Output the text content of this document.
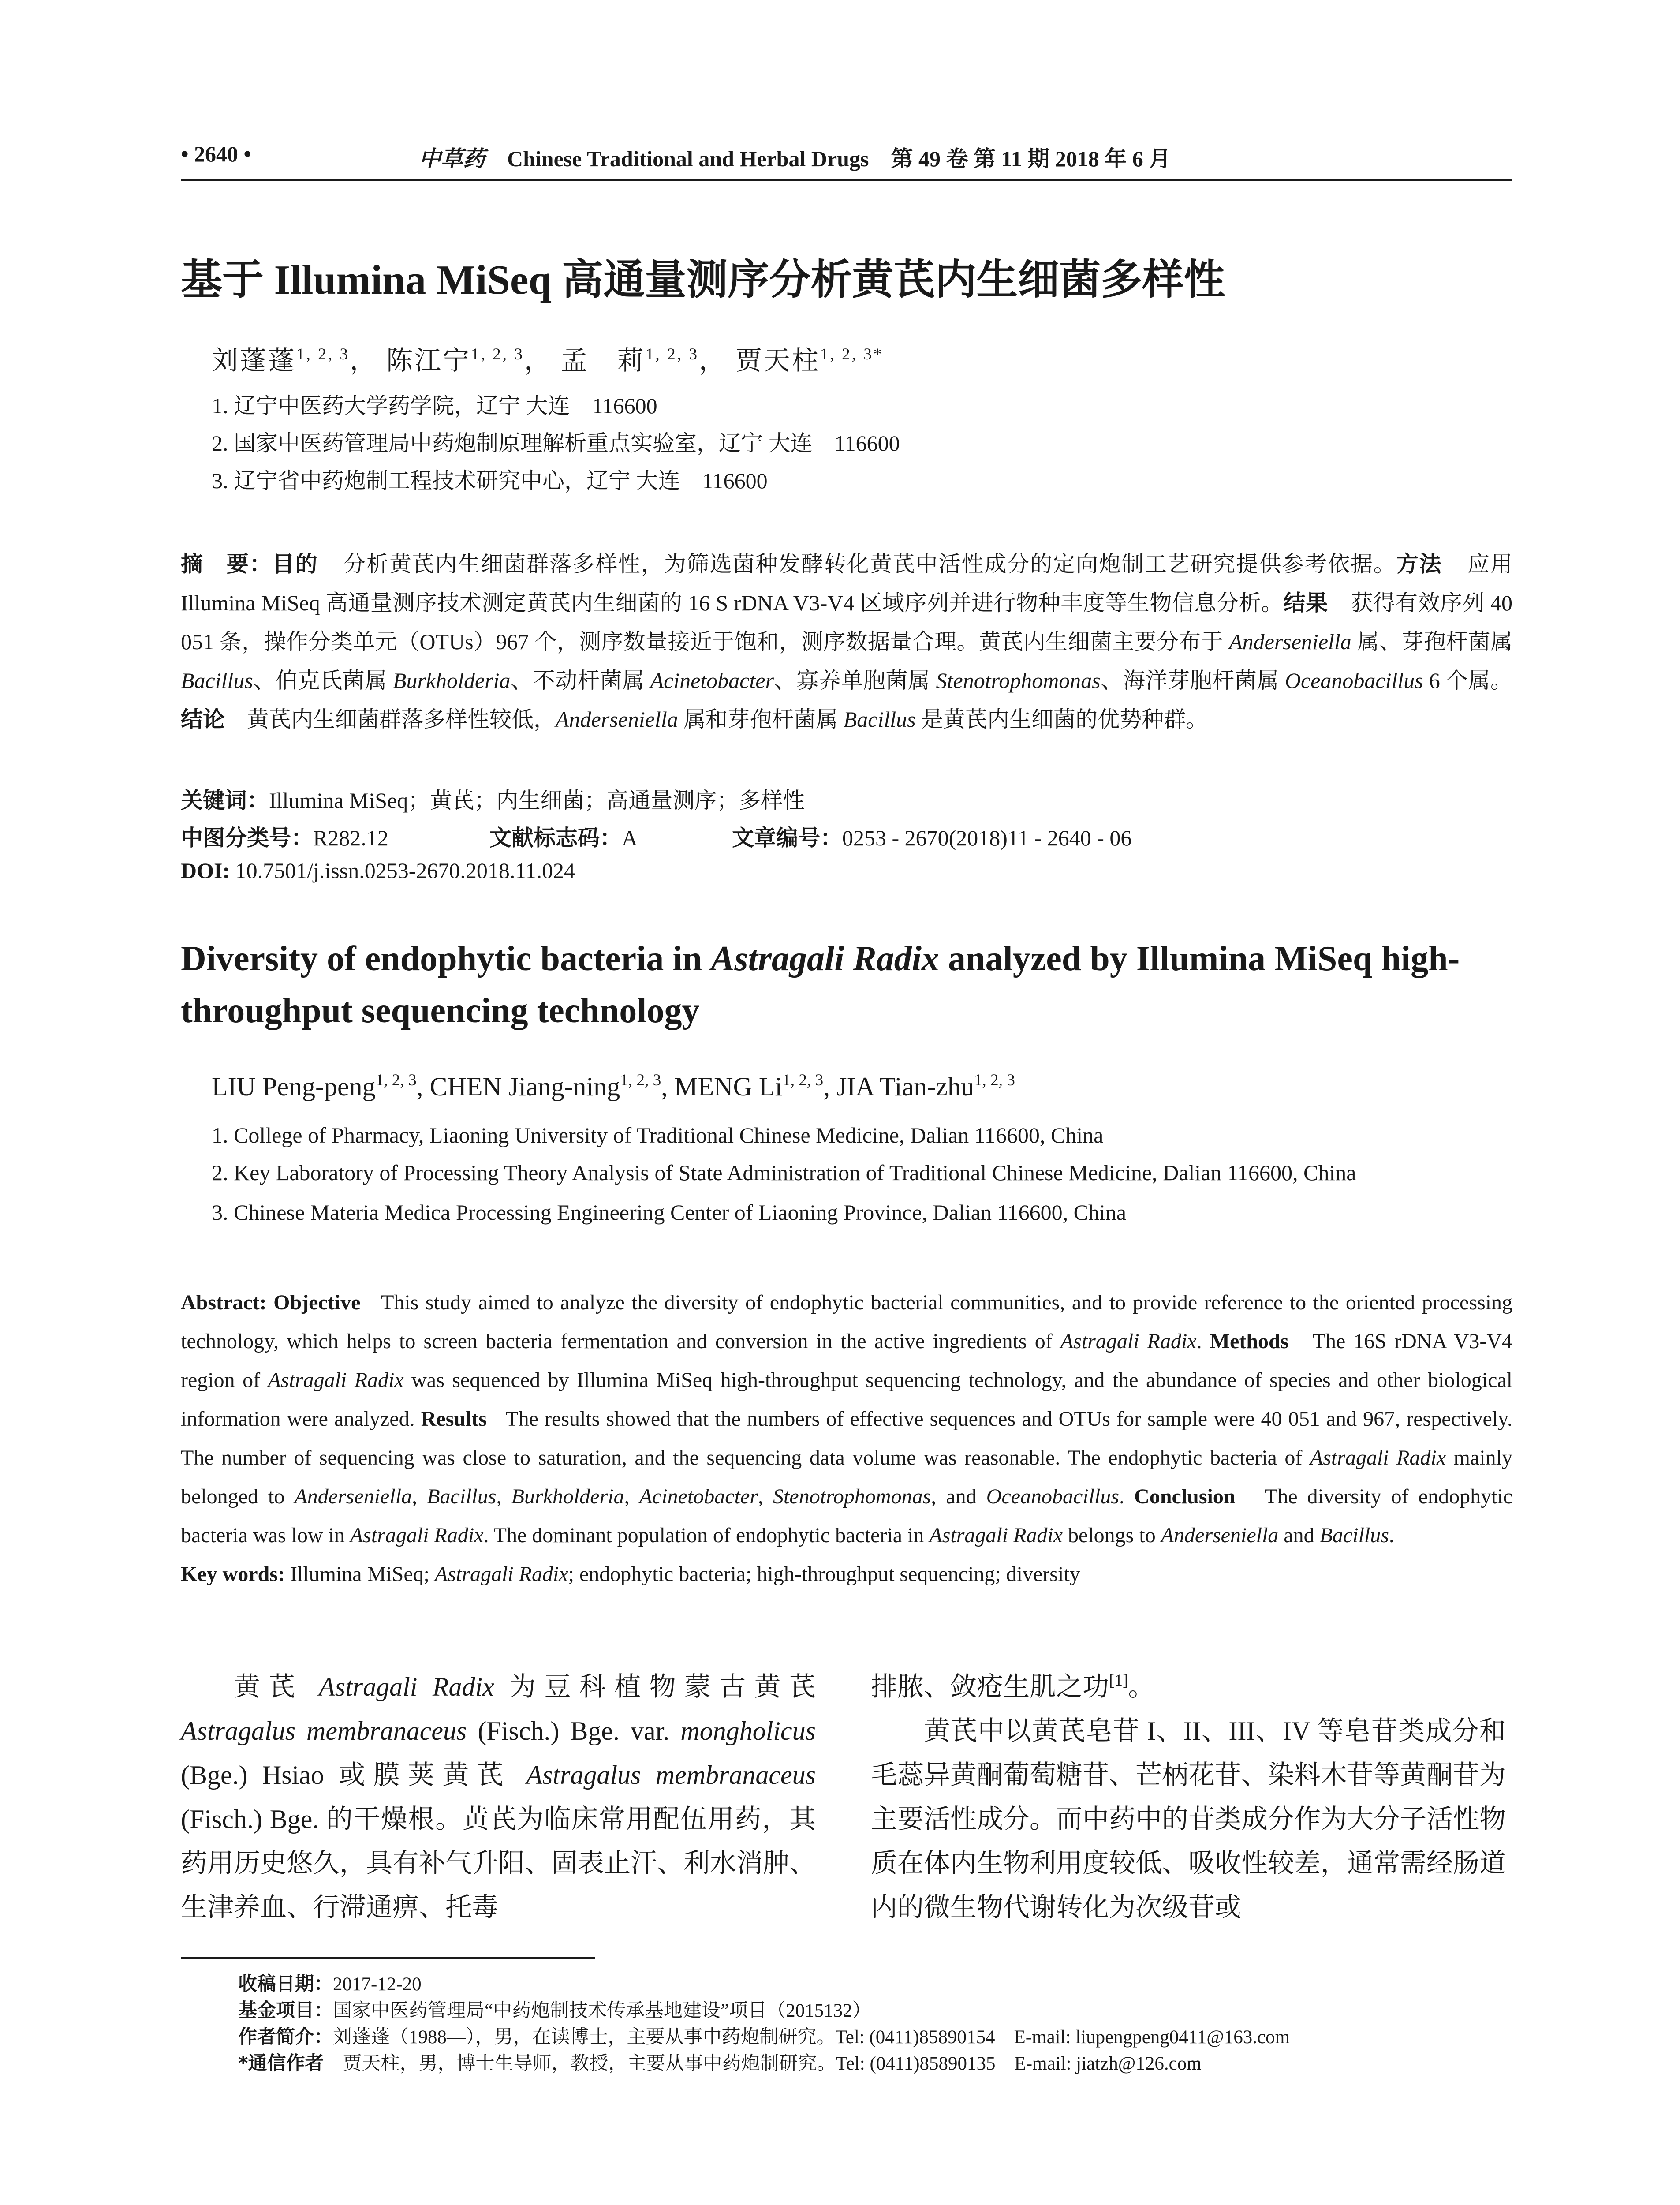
• 2640 •	中草药 Chinese Traditional and Herbal Drugs 第 49 卷 第 11 期 2018 年 6 月
基于 Illumina MiSeq 高通量测序分析黄芪内生细菌多样性
刘蓬蓬$^{1, 2, 3}$， 陈江宁$^{1, 2, 3}$， 孟　莉$^{1, 2, 3}$， 贾天柱$^{1, 2, 3*}$
1. 辽宁中医药大学药学院，辽宁 大连　116600
2. 国家中医药管理局中药炮制原理解析重点实验室，辽宁 大连　116600
3. 辽宁省中药炮制工程技术研究中心，辽宁 大连　116600
摘　要：目的 分析黄芪内生细菌群落多样性，为筛选菌种发酵转化黄芪中活性成分的定向炮制工艺研究提供参考依据。方法 应用 Illumina MiSeq 高通量测序技术测定黄芪内生细菌的 16 S rDNA V3-V4 区域序列并进行物种丰度等生物信息分析。结果 获得有效序列 40 051 条，操作分类单元（OTUs）967 个，测序数量接近于饱和，测序数据量合理。黄芪内生细菌主要分布于 Anderseniella 属、芽孢杆菌属 Bacillus、伯克氏菌属 Burkholderia、不动杆菌属 Acinetobacter、寡养单胞菌属 Stenotrophomonas、海洋芽胞杆菌属 Oceanobacillus 6 个属。结论 黄芪内生细菌群落多样性较低，Anderseniella 属和芽孢杆菌属 Bacillus 是黄芪内生细菌的优势种群。
关键词：Illumina MiSeq；黄芪；内生细菌；高通量测序；多样性
中图分类号：R282.12	文献标志码：A	文章编号：0253 - 2670(2018)11 - 2640 - 06
DOI: 10.7501/j.issn.0253-2670.2018.11.024
Diversity of endophytic bacteria in Astragali Radix analyzed by Illumina MiSeq high-throughput sequencing technology
LIU Peng-peng$^{1, 2, 3}$, CHEN Jiang-ning$^{1, 2, 3}$, MENG Li$^{1, 2, 3}$, JIA Tian-zhu$^{1, 2, 3}$
1. College of Pharmacy, Liaoning University of Traditional Chinese Medicine, Dalian 116600, China
2. Key Laboratory of Processing Theory Analysis of State Administration of Traditional Chinese Medicine, Dalian 116600, China
3. Chinese Materia Medica Processing Engineering Center of Liaoning Province, Dalian 116600, China
Abstract: Objective This study aimed to analyze the diversity of endophytic bacterial communities, and to provide reference to the oriented processing technology, which helps to screen bacteria fermentation and conversion in the active ingredients of Astragali Radix. Methods The 16S rDNA V3-V4 region of Astragali Radix was sequenced by Illumina MiSeq high-throughput sequencing technology, and the abundance of species and other biological information were analyzed. Results The results showed that the numbers of effective sequences and OTUs for sample were 40 051 and 967, respectively. The number of sequencing was close to saturation, and the sequencing data volume was reasonable. The endophytic bacteria of Astragali Radix mainly belonged to Anderseniella, Bacillus, Burkholderia, Acinetobacter, Stenotrophomonas, and Oceanobacillus. Conclusion The diversity of endophytic bacteria was low in Astragali Radix. The dominant population of endophytic bacteria in Astragali Radix belongs to Anderseniella and Bacillus.
Key words: Illumina MiSeq; Astragali Radix; endophytic bacteria; high-throughput sequencing; diversity
黄芪 Astragali Radix 为豆科植物蒙古黄芪 Astragalus membranaceus (Fisch.) Bge. var. mongholicus (Bge.) Hsiao 或膜荚黄芪 Astragalus membranaceus (Fisch.) Bge. 的干燥根。黄芪为临床常用配伍用药，其药用历史悠久，具有补气升阳、固表止汗、利水消肿、生津养血、行滞通痹、托毒
排脓、敛疮生肌之功[1]。
黄芪中以黄芪皂苷 I、II、III、IV 等皂苷类成分和毛蕊异黄酮葡萄糖苷、芒柄花苷、染料木苷等黄酮苷为主要活性成分。而中药中的苷类成分作为大分子活性物质在体内生物利用度较低、吸收性较差，通常需经肠道内的微生物代谢转化为次级苷或
收稿日期：2017-12-20
基金项目：国家中医药管理局“中药炮制技术传承基地建设”项目（2015132）
作者简介：刘蓬蓬（1988—），男，在读博士，主要从事中药炮制研究。Tel: (0411)85890154　E-mail: liupengpeng0411@163.com
*通信作者　贾天柱，男，博士生导师，教授，主要从事中药炮制研究。Tel: (0411)85890135　E-mail: jiatzh@126.com
